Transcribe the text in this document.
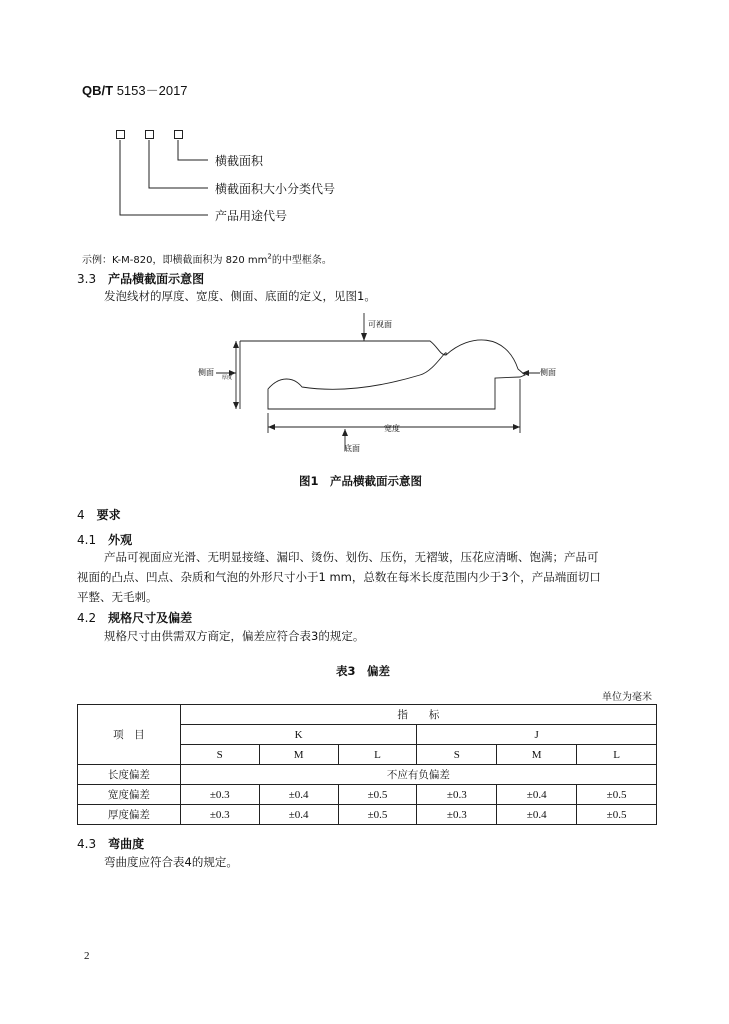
QB/T 5153－2017
横截面积
横截面积大小分类代号
产品用途代号
示例：K-M-820，即横截面积为 820 $mm^2$的中型框条。
3.3 产品横截面示意图
发泡线材的厚度、宽度、侧面、底面的定义，见图1。
可视面
侧面	侧面
厚度
宽度
底面
图1　产品横截面示意图
4 要求
4.1 外观
产品可视面应光滑、无明显接缝、漏印、烫伤、划伤、压伤，无褶皱，压花应清晰、饱满；产品可
视面的凸点、凹点、杂质和气泡的外形尺寸小于1 mm，总数在每米长度范围内少于3个，产品端面切口
平整、无毛刺。
4.2 规格尺寸及偏差
规格尺寸由供需双方商定，偏差应符合表3的规定。
表3　偏差
单位为毫米
项　目	指　　标					
	K			J		
	S	M	L	S	M	L
长度偏差	不应有负偏差					
宽度偏差	±0.3	±0.4	±0.5	±0.3	±0.4	±0.5
厚度偏差	±0.3	±0.4	±0.5	±0.3	±0.4	±0.5
4.3 弯曲度
弯曲度应符合表4的规定。
2
